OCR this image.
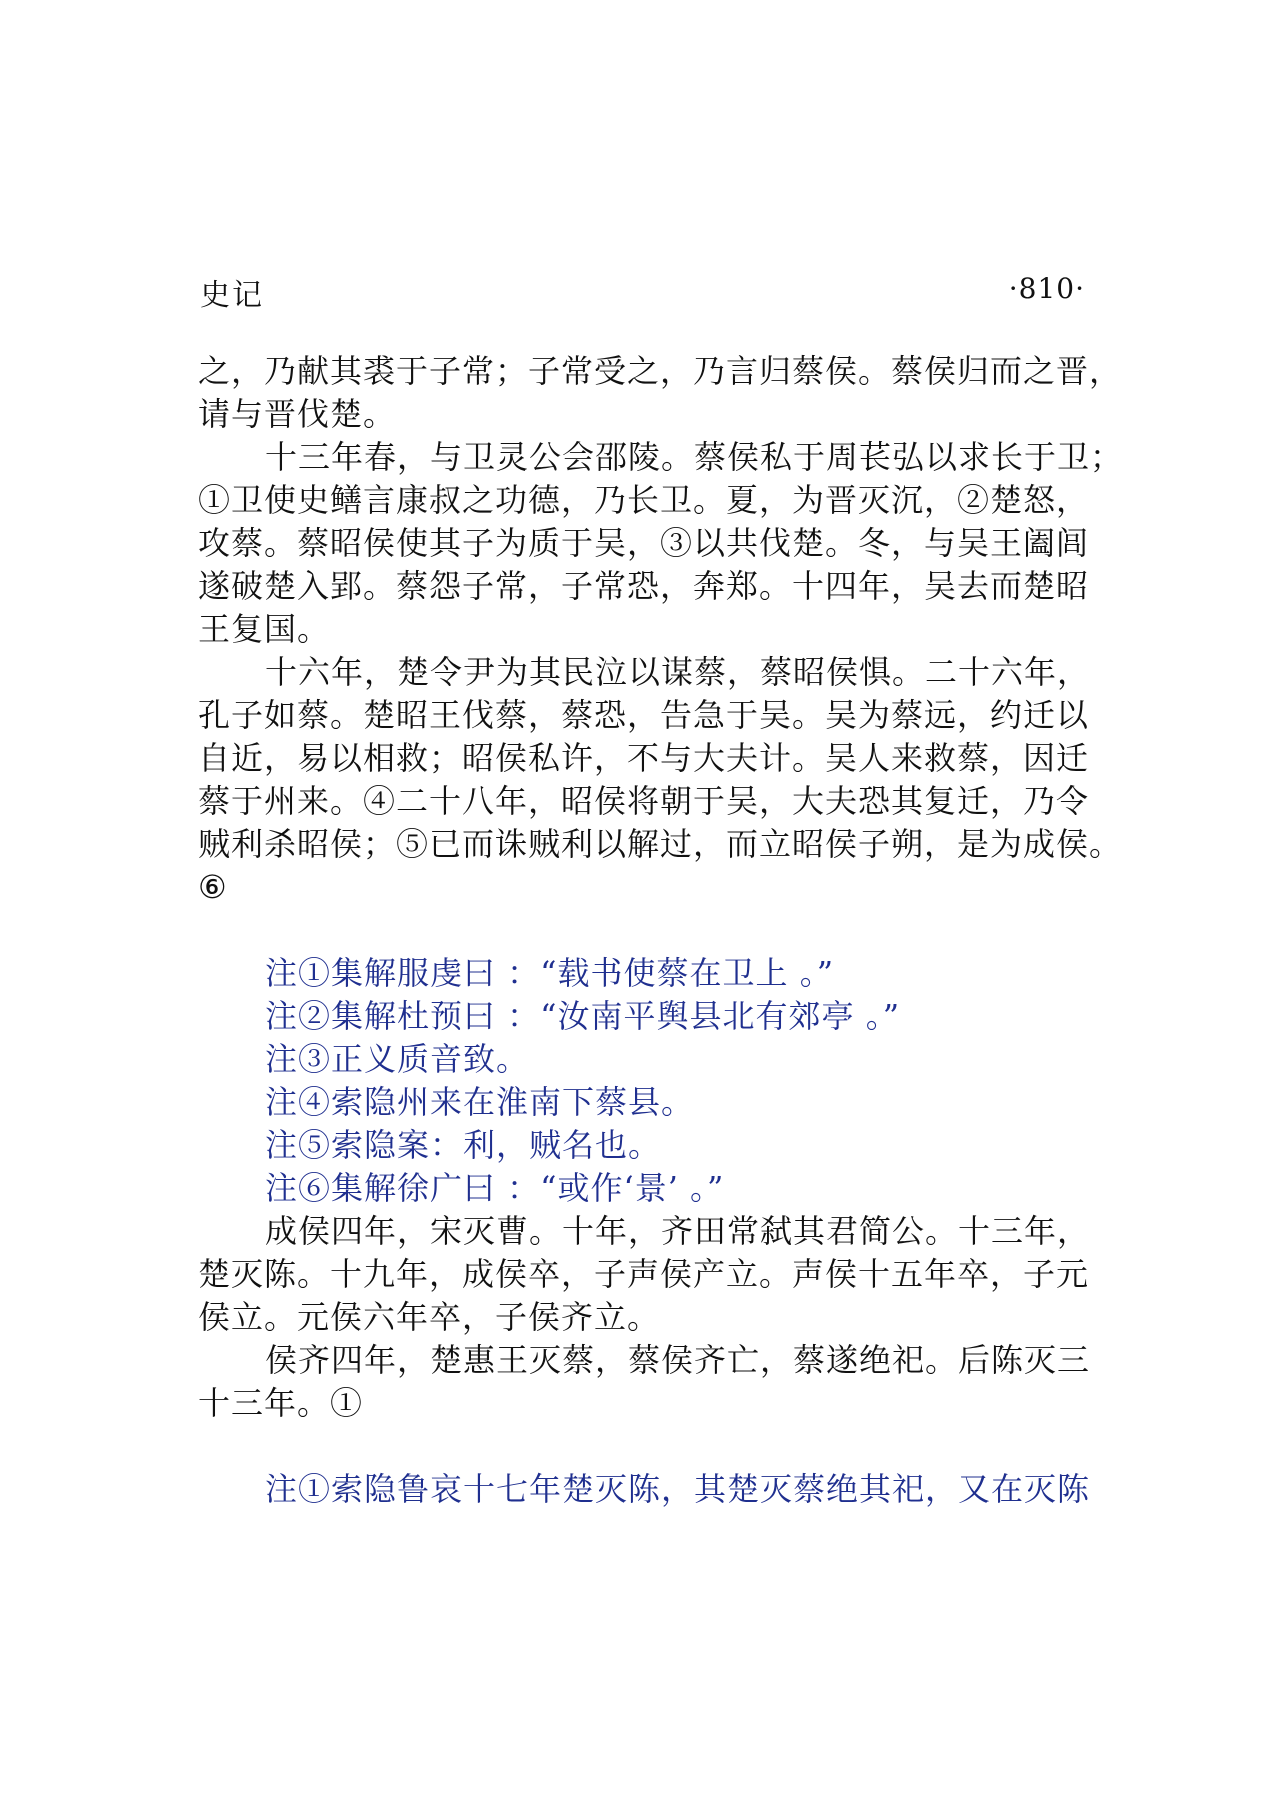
史记	·810·
之，乃献其裘于子常；子常受之，乃言归蔡侯。蔡侯归而之晋，
请与晋伐楚。
十三年春，与卫灵公会邵陵。蔡侯私于周苌弘以求长于卫；
①卫使史鳝言康叔之功德，乃长卫。夏，为晋灭沉，②楚怒，
攻蔡。蔡昭侯使其子为质于吴，③以共伐楚。冬，与吴王阖闾
遂破楚入郢。蔡怨子常，子常恐，奔郑。十四年，吴去而楚昭
王复国。
十六年，楚令尹为其民泣以谋蔡，蔡昭侯惧。二十六年，
孔子如蔡。楚昭王伐蔡，蔡恐，告急于吴。吴为蔡远，约迁以
自近，易以相救；昭侯私许，不与大夫计。吴人来救蔡，因迁
蔡于州来。④二十八年，昭侯将朝于吴，大夫恐其复迁，乃令
贼利杀昭侯；⑤已而诛贼利以解过，而立昭侯子朔，是为成侯。
⑥
注①集解服虔曰 ：“载书使蔡在卫上 。”
注②集解杜预曰 ：“汝南平舆县北有郊亭 。”
注③正义质音致。
注④索隐州来在淮南下蔡县。
注⑤索隐案：利，贼名也。
注⑥集解徐广曰 ：“或作‘景’ 。”
成侯四年，宋灭曹。十年，齐田常弑其君简公。十三年，
楚灭陈。十九年，成侯卒，子声侯产立。声侯十五年卒，子元
侯立。元侯六年卒，子侯齐立。
侯齐四年，楚惠王灭蔡，蔡侯齐亡，蔡遂绝祀。后陈灭三
十三年。①
注①索隐鲁哀十七年楚灭陈，其楚灭蔡绝其祀，又在灭陈
